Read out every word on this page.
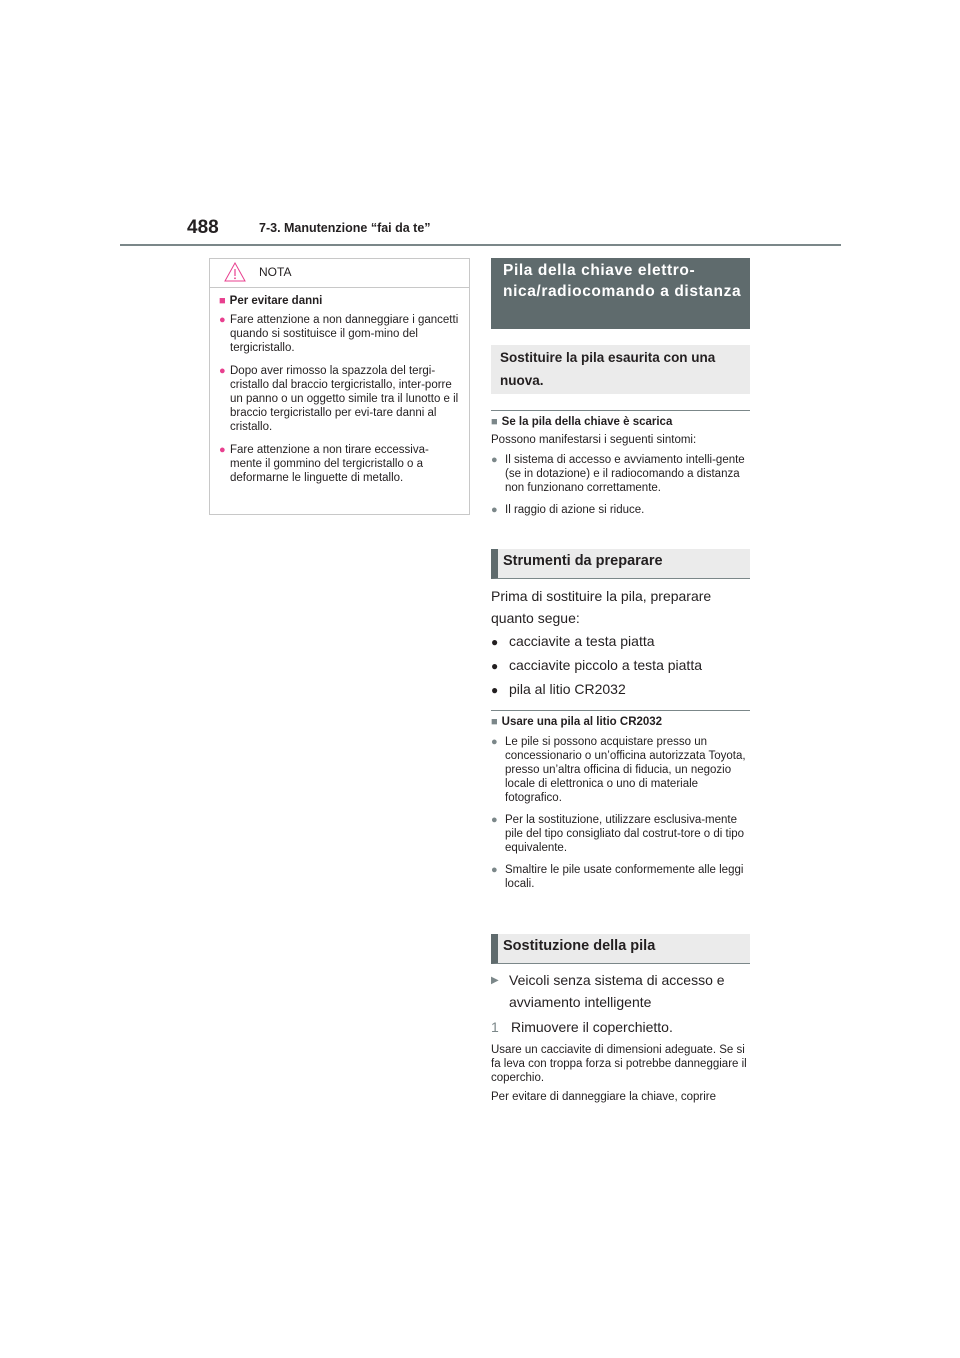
488	7-3. Manutenzione “fai da te”
NOTA
■ Per evitare danni
● Fare attenzione a non danneggiare i gancetti quando si sostituisce il gom-mino del tergicristallo.
● Dopo aver rimosso la spazzola del tergi-cristallo dal braccio tergicristallo, inter-porre un panno o un oggetto simile tra il lunotto e il braccio tergicristallo per evi-tare danni al cristallo.
● Fare attenzione a non tirare eccessiva-mente il gommino del tergicristallo o a deformarne le linguette di metallo.
Pila della chiave elettro-nica/radiocomando a distanza
Sostituire la pila esaurita con una nuova.
■ Se la pila della chiave è scarica
Possono manifestarsi i seguenti sintomi:
● Il sistema di accesso e avviamento intelli-gente (se in dotazione) e il radiocomando a distanza non funzionano correttamente.
● Il raggio di azione si riduce.
Strumenti da preparare
Prima di sostituire la pila, preparare quanto segue:
● cacciavite a testa piatta
● cacciavite piccolo a testa piatta
● pila al litio CR2032
■ Usare una pila al litio CR2032
● Le pile si possono acquistare presso un concessionario o un’officina autorizzata Toyota, presso un’altra officina di fiducia, un negozio locale di elettronica o uno di materiale fotografico.
● Per la sostituzione, utilizzare esclusiva-mente pile del tipo consigliato dal costrut-tore o di tipo equivalente.
● Smaltire le pile usate conformemente alle leggi locali.
Sostituzione della pila
▶ Veicoli senza sistema di accesso e avviamento intelligente
1 Rimuovere il coperchietto.
Usare un cacciavite di dimensioni adeguate. Se si fa leva con troppa forza si potrebbe danneggiare il coperchio.
Per evitare di danneggiare la chiave, coprire
